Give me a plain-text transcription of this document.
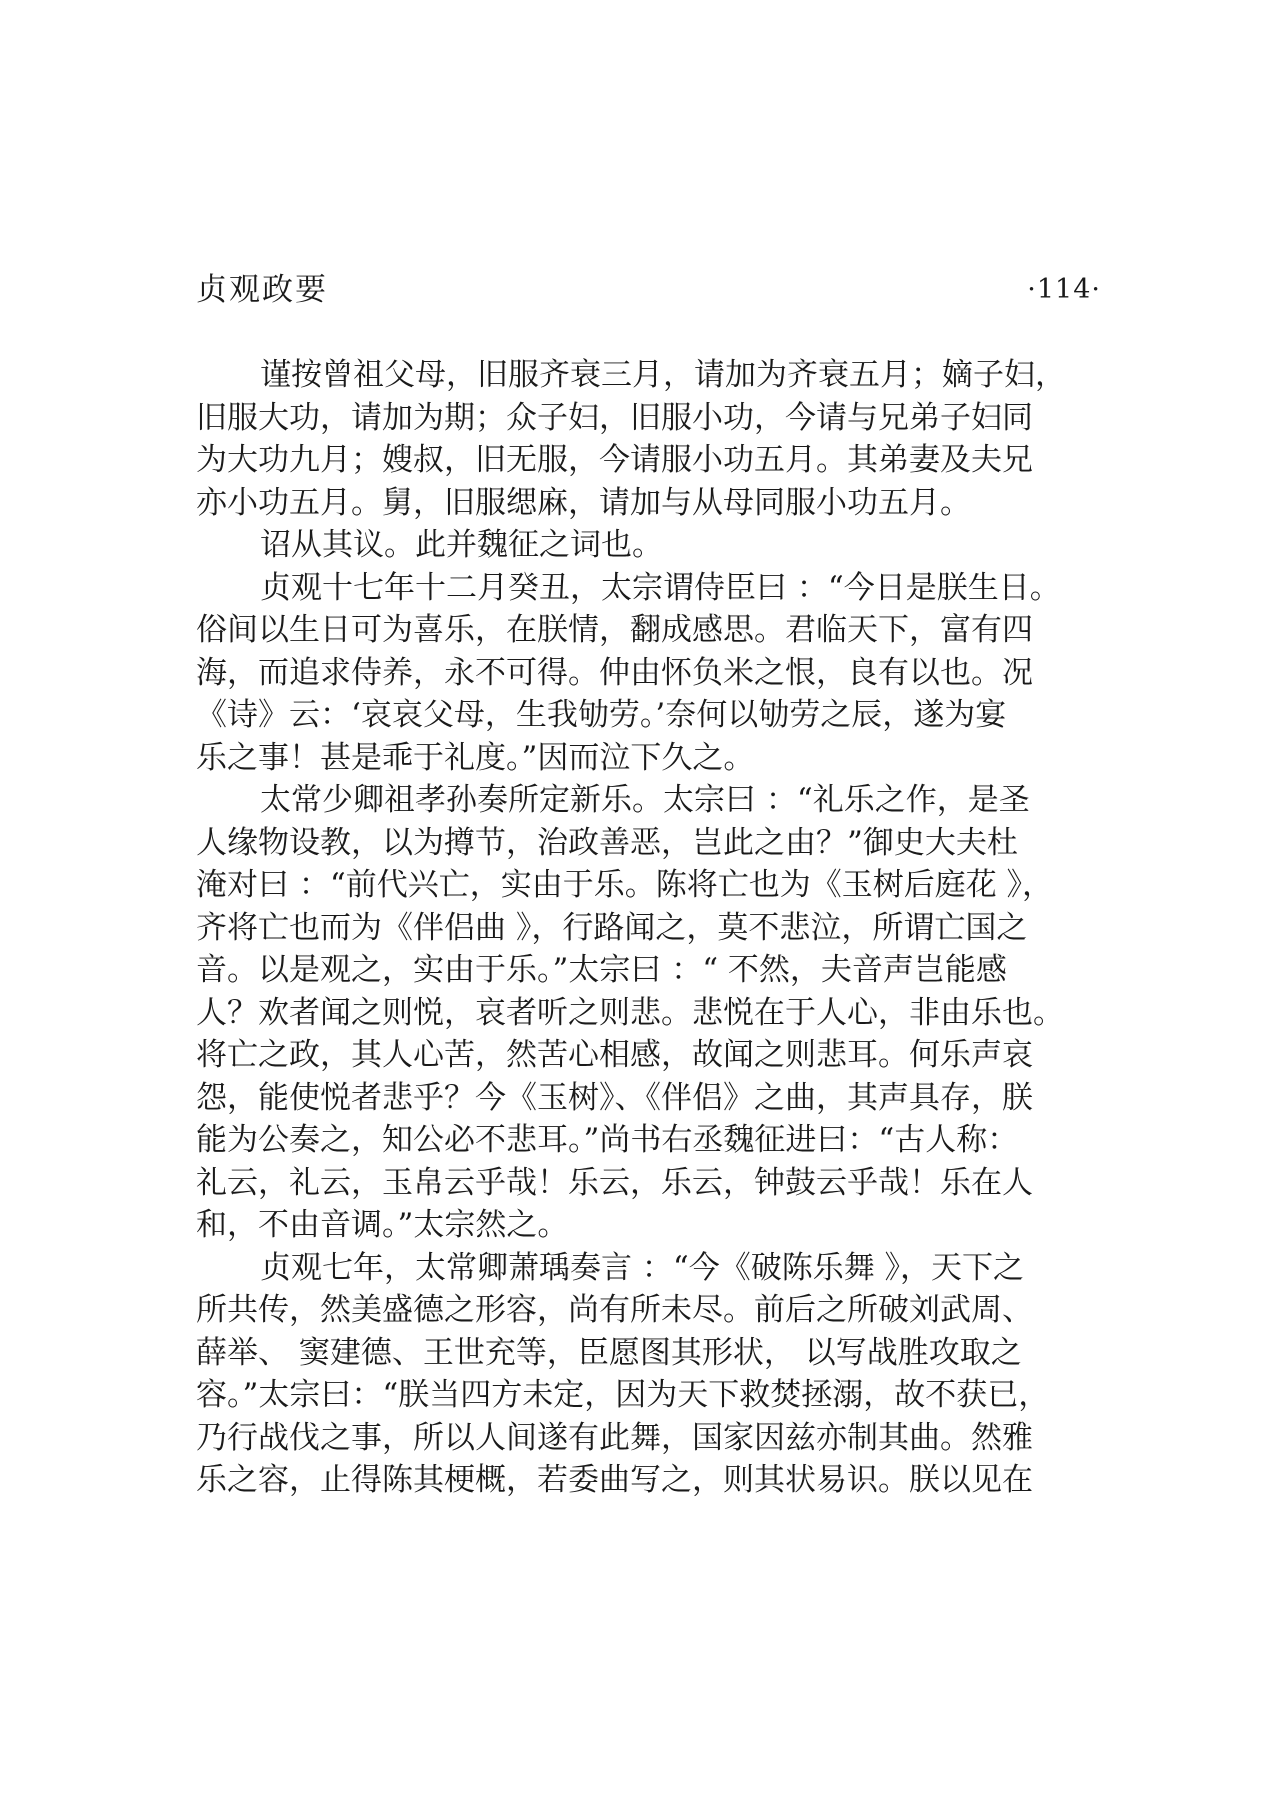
贞观政要	·114·
谨按曾祖父母，旧服齐衰三月，请加为齐衰五月；嫡子妇，
旧服大功，请加为期；众子妇，旧服小功，今请与兄弟子妇同
为大功九月；嫂叔，旧无服，今请服小功五月。其弟妻及夫兄
亦小功五月。舅，旧服缌麻，请加与从母同服小功五月。
诏从其议。此并魏征之词也。
贞观十七年十二月癸丑，太宗谓侍臣曰 ：“今日是朕生日。
俗间以生日可为喜乐，在朕情，翻成感思。君临天下，富有四
海，而追求侍养，永不可得。仲由怀负米之恨，良有以也。况
《诗》云：‘哀哀父母，生我劬劳。’奈何以劬劳之辰，遂为宴
乐之事！甚是乖于礼度。”因而泣下久之。
太常少卿祖孝孙奏所定新乐。太宗曰 ：“礼乐之作，是圣
人缘物设教，以为撙节，治政善恶，岂此之由？”御史大夫杜
淹对曰 ：“前代兴亡，实由于乐。陈将亡也为《玉树后庭花 》，
齐将亡也而为《伴侣曲 》，行路闻之，莫不悲泣，所谓亡国之
音。以是观之，实由于乐。”太宗曰 ：“ 不然，夫音声岂能感
人？欢者闻之则悦，哀者听之则悲。悲悦在于人心，非由乐也。
将亡之政，其人心苦，然苦心相感，故闻之则悲耳。何乐声哀
怨，能使悦者悲乎？今《玉树》、《伴侣》之曲，其声具存，朕
能为公奏之，知公必不悲耳。”尚书右丞魏征进曰：“古人称：
礼云，礼云，玉帛云乎哉！乐云，乐云，钟鼓云乎哉！乐在人
和，不由音调。”太宗然之。
贞观七年，太常卿萧瑀奏言 ：“今《破陈乐舞 》，天下之
所共传，然美盛德之形容，尚有所未尽。前后之所破刘武周、
薛举、 窦建德、王世充等，臣愿图其形状， 以写战胜攻取之
容。”太宗曰：“朕当四方未定，因为天下救焚拯溺，故不获已，
乃行战伐之事，所以人间遂有此舞，国家因兹亦制其曲。然雅
乐之容，止得陈其梗概，若委曲写之，则其状易识。朕以见在
